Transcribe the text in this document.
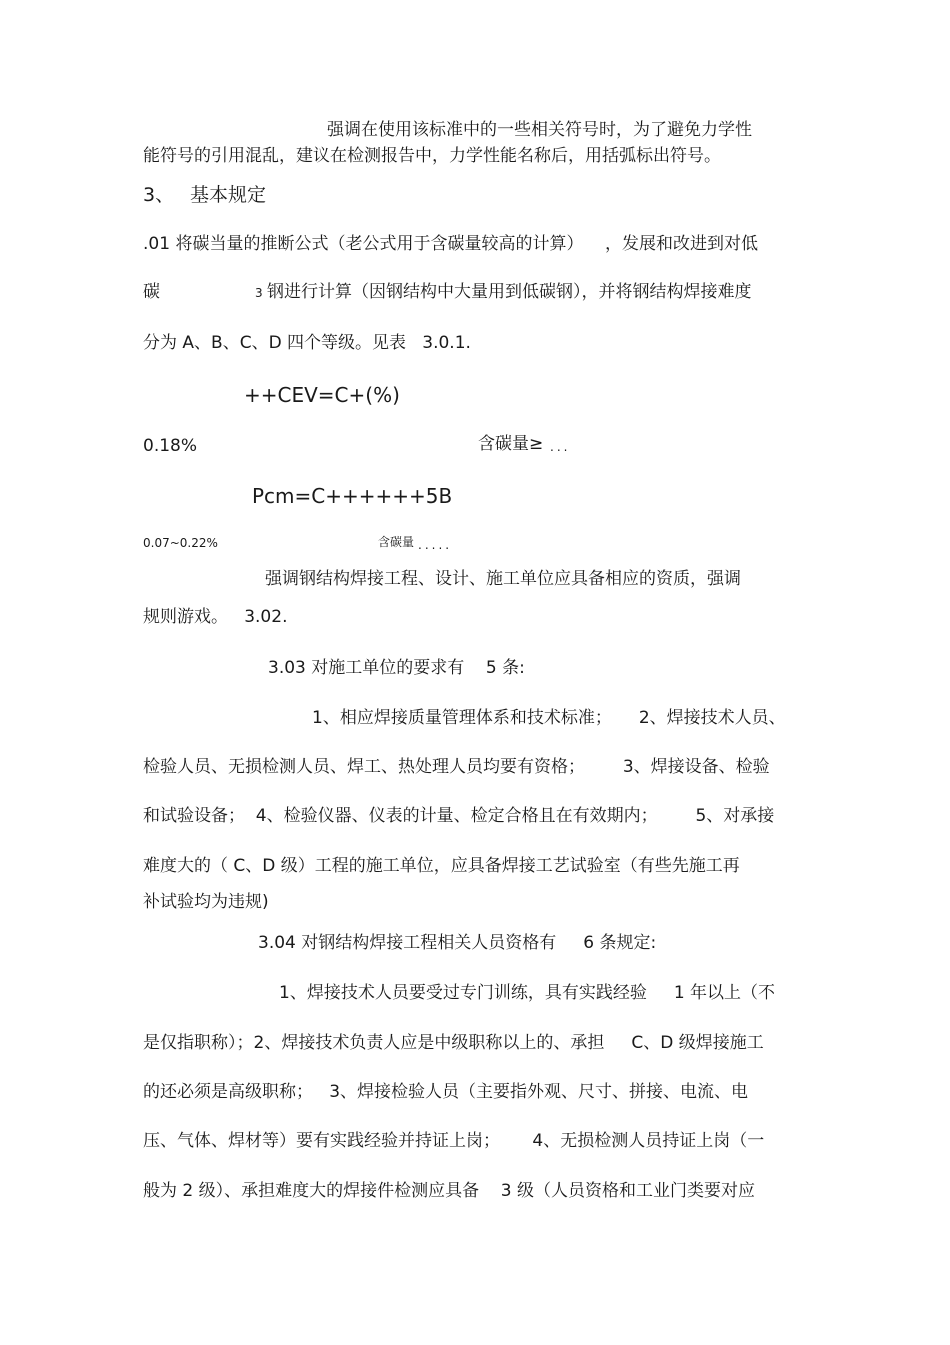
强调在使用该标准中的一些相关符号时，为了避免力学性
能符号的引用混乱，建议在检测报告中，力学性能名称后，用括弧标出符号。
3、 基本规定
.01 将碳当量的推断公式（老公式用于含碳量较高的计算）    ，发展和改进到对低
碳	3 钢进行计算（因钢结构中大量用到低碳钢），并将钢结构焊接难度
分为 A、B、C、D 四个等级。见表   3.0.1.
++CEV=C+(%)
0.18%	含碳量≥ ...
Pcm=C++++++5B
0.07~0.22%	含碳量 .....
强调钢结构焊接工程、设计、施工单位应具备相应的资质，强调
规则游戏。   3.02.
3.03 对施工单位的要求有    5 条:
1、相应焊接质量管理体系和技术标准；     2、焊接技术人员、
检验人员、无损检测人员、焊工、热处理人员均要有资格；       3、焊接设备、检验
和试验设备；  4、检验仪器、仪表的计量、检定合格且在有效期内；       5、对承接
难度大的（ C、D 级）工程的施工单位，应具备焊接工艺试验室（有些先施工再
补试验均为违规)
3.04 对钢结构焊接工程相关人员资格有     6 条规定:
1、焊接技术人员要受过专门训练，具有实践经验     1 年以上（不
是仅指职称）；2、焊接技术负责人应是中级职称以上的、承担     C、D 级焊接施工
的还必须是高级职称；   3、焊接检验人员（主要指外观、尺寸、拼接、电流、电
压、气体、焊材等）要有实践经验并持证上岗；      4、无损检测人员持证上岗（一
般为 2 级）、承担难度大的焊接件检测应具备    3 级（人员资格和工业门类要对应
